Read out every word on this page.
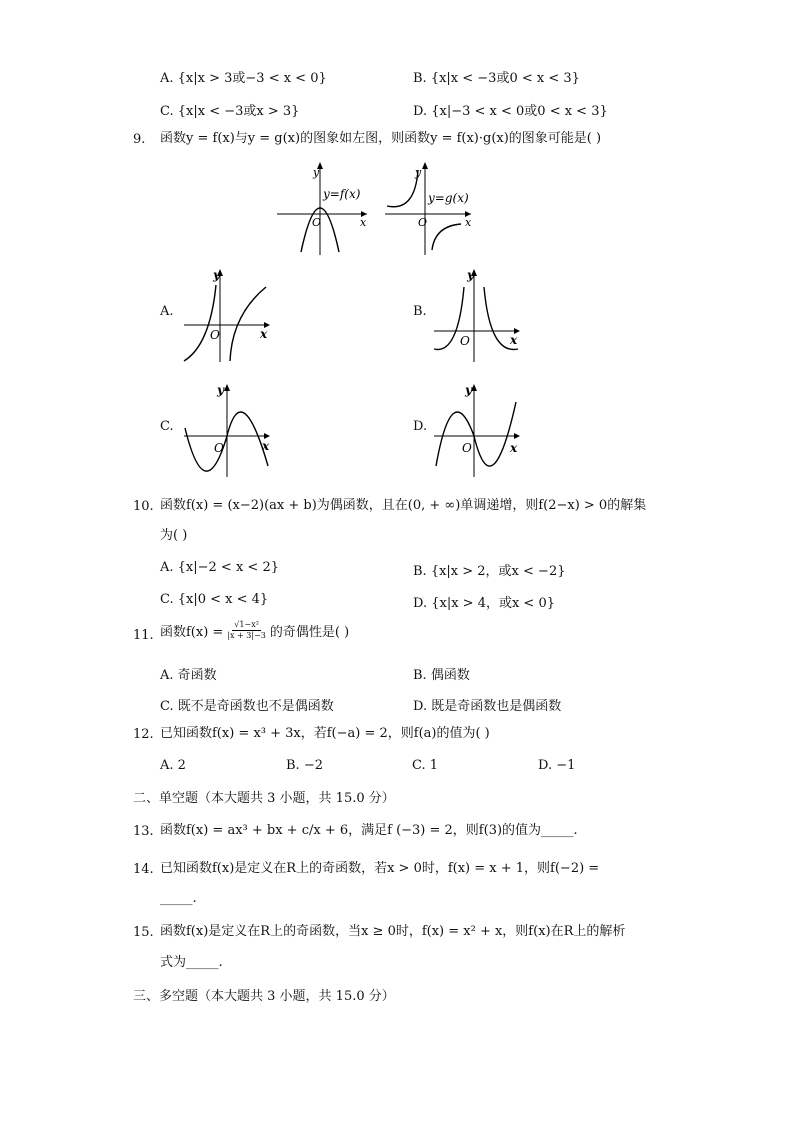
A. {x|x > 3或−3 < x < 0}	B. {x|x < −3或0 < x < 3}
C. {x|x < −3或x > 3}	D. {x|−3 < x < 0或0 < x < 3}
9. 函数y = f(x)与y = g(x)的图象如左图，则函数y = f(x)·g(x)的图象可能是( )
y
x
O
y=f(x)
y
x
O
y=g(x)
A.
y
x
O
B.
y
x
O
C.
y
x
O
D.
y
x
O
10. 函数f(x) = (x−2)(ax + b)为偶函数，且在(0, + ∞)单调递增，则f(2−x) > 0的解集
为( )
A. {x|−2 < x < 2}	B. {x|x > 2，或x < −2}
C. {x|0 < x < 4}	D. {x|x > 4，或x < 0}
11. 函数$f(x) = \frac{\text{√1−x²}}{|x + 3|-3}$ 的奇偶性是( )
A. 奇函数	B. 偶函数
C. 既不是奇函数也不是偶函数	D. 既是奇函数也是偶函数
12. 已知函数f(x) = x³ + 3x，若f(−a) = 2，则f(a)的值为( )
A. 2	B. −2	C. 1	D. −1
二、单空题（本大题共 3 小题，共 15.0 分）
13. 函数f(x) = ax³ + bx + c/x + 6，满足f (−3) = 2，则f(3)的值为_____.
14. 已知函数f(x)是定义在R上的奇函数，若x > 0时，f(x) = x + 1，则f(−2) =
_____.
15. 函数f(x)是定义在R上的奇函数，当x ≥ 0时，f(x) = x² + x，则f(x)在R上的解析
式为_____.
三、多空题（本大题共 3 小题，共 15.0 分）
